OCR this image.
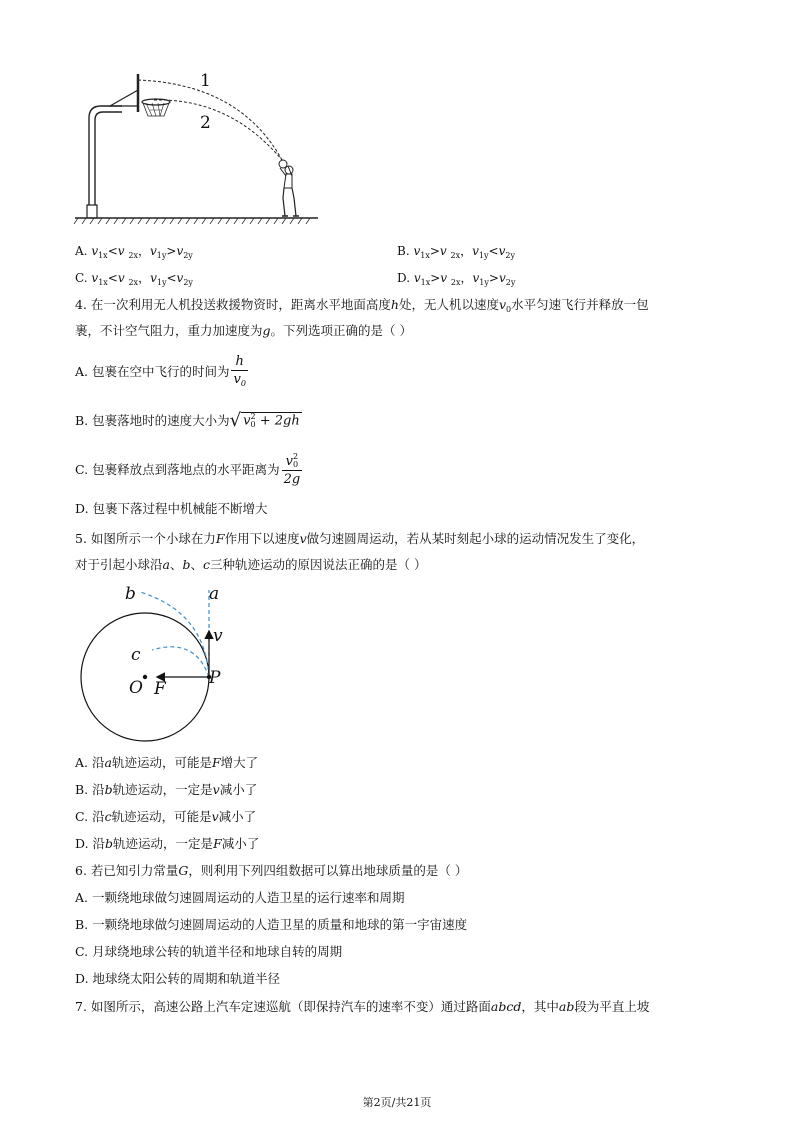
1
2
A. $v_{1x}<v$ $_{2x}$，$v_{1y}>v_{2y}$	B. $v_{1x}>v$ $_{2x}$，$v_{1y}<v_{2y}$
C. $v_{1x}<v$ $_{2x}$，$v_{1y}<v_{2y}$	D. $v_{1x}>v$ $_{2x}$，$v_{1y}>v_{2y}$
4. 在一次利用无人机投送救援物资时，距离水平地面高度h处，无人机以速度$v_0$水平匀速飞行并释放一包
裹，不计空气阻力，重力加速度为g。下列选项正确的是（ ）
A. 包裹在空中飞行的时间为 $\frac{h}{v_0}$
B. 包裹落地时的速度大小为 √ v 2
0 + 2gh
C. 包裹释放点到落地点的水平距离为 v 2
0
2g
D. 包裹下落过程中机械能不断增大
5. 如图所示一个小球在力F作用下以速度v做匀速圆周运动，若从某时刻起小球的运动情况发生了变化，
对于引起小球沿a、b、c三种轨迹运动的原因说法正确的是（ ）
a
b
c
v
O F
P
A. 沿a轨迹运动，可能是F增大了
B. 沿b轨迹运动，一定是v减小了
C. 沿c轨迹运动，可能是v减小了
D. 沿b轨迹运动，一定是F减小了
6. 若已知引力常量G，则利用下列四组数据可以算出地球质量的是（ ）
A. 一颗绕地球做匀速圆周运动的人造卫星的运行速率和周期
B. 一颗绕地球做匀速圆周运动的人造卫星的质量和地球的第一宇宙速度
C. 月球绕地球公转的轨道半径和地球自转的周期
D. 地球绕太阳公转的周期和轨道半径
7. 如图所示，高速公路上汽车定速巡航（即保持汽车的速率不变）通过路面abcd，其中ab段为平直上坡
第2页/共21页
